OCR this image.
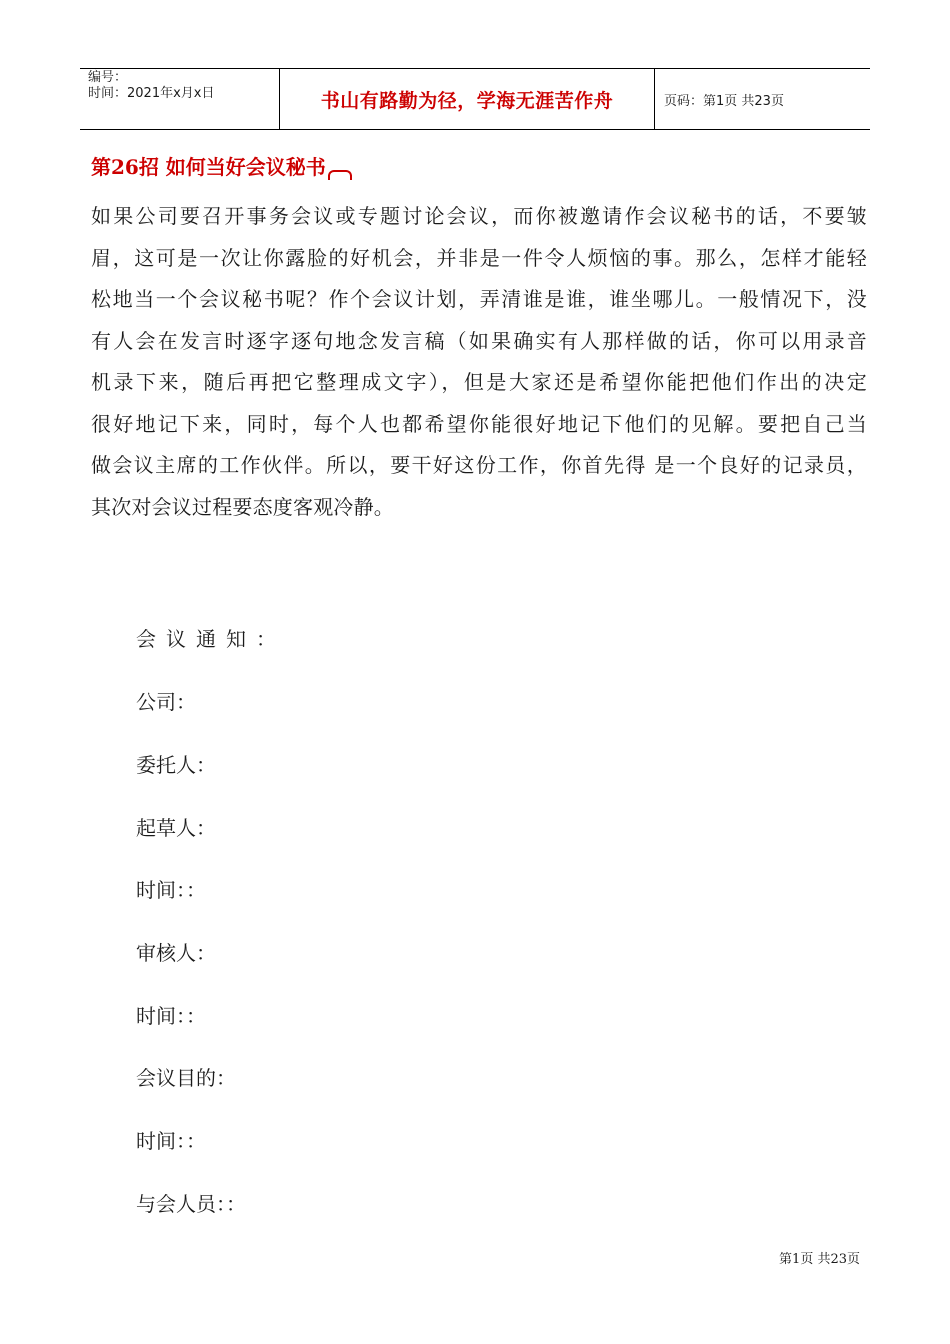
编号：
时间：2021年x月x日	书山有路勤为径，学海无涯苦作舟	页码：第1页 共23页
第26招 如何当好会议秘书
如果公司要召开事务会议或专题讨论会议，而你被邀请作会议秘书的话，不要皱
眉，这可是一次让你露脸的好机会，并非是一件令人烦恼的事。那么，怎样才能轻
松地当一个会议秘书呢？作个会议计划，弄清谁是谁，谁坐哪儿。一般情况下，没
有人会在发言时逐字逐句地念发言稿（如果确实有人那样做的话，你可以用录音
机录下来，随后再把它整理成文字），但是大家还是希望你能把他们作出的决定
很好地记下来，同时，每个人也都希望你能很好地记下他们的见解。要把自己当
做会议主席的工作伙伴。所以，要干好这份工作，你首先得 是一个良好的记录员，
其次对会议过程要态度客观冷静。
会议通知：
公司：
委托人：
起草人：
时间：：
审核人：
时间：：
会议目的：
时间：：
与会人员：：
第1页 共23页
